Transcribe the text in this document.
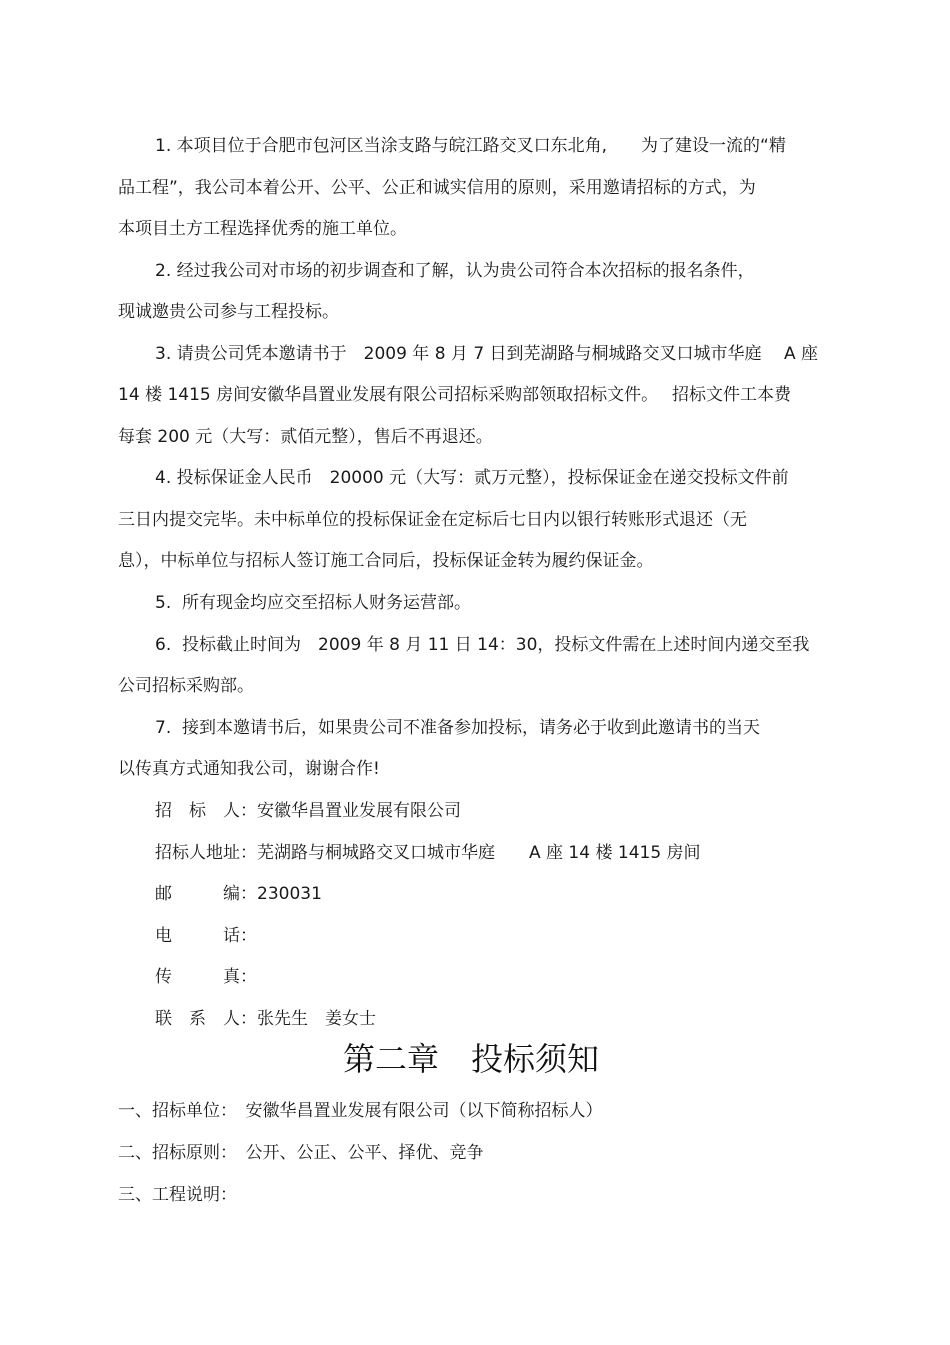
1. 本项目位于合肥市包河区当涂支路与皖江路交叉口东北角,　　为了建设一流的“精

品工程”，我公司本着公开、公平、公正和诚实信用的原则，采用邀请招标的方式，为

本项目土方工程选择优秀的施工单位。

2. 经过我公司对市场的初步调查和了解，认为贵公司符合本次招标的报名条件，

现诚邀贵公司参与工程投标。

3. 请贵公司凭本邀请书于　2009 年 8 月 7 日到芜湖路与桐城路交叉口城市华庭　 A 座

14 楼 1415 房间安徽华昌置业发展有限公司招标采购部领取招标文件。　 招标文件工本费

每套 200 元（大写：贰佰元整），售后不再退还。

4. 投标保证金人民币　20000 元（大写：贰万元整），投标保证金在递交投标文件前

三日内提交完毕。未中标单位的投标保证金在定标后七日内以银行转账形式退还（无

息），中标单位与招标人签订施工合同后，投标保证金转为履约保证金。

5.  所有现金均应交至招标人财务运营部。

6.  投标截止时间为　2009 年 8 月 11 日 14：30，投标文件需在上述时间内递交至我

公司招标采购部。

7.  接到本邀请书后，如果贵公司不准备参加投标，请务必于收到此邀请书的当天

以传真方式通知我公司，谢谢合作!

招　标　人：安徽华昌置业发展有限公司

招标人地址：芜湖路与桐城路交叉口城市华庭　　A 座 14 楼 1415 房间

邮　　　编：230031

电　　　话：

传　　　真：

联　系　人：张先生　姜女士

第二章　投标须知

一、招标单位：　安徽华昌置业发展有限公司（以下简称招标人）

二、招标原则：　公开、公正、公平、择优、竞争

三、工程说明：
